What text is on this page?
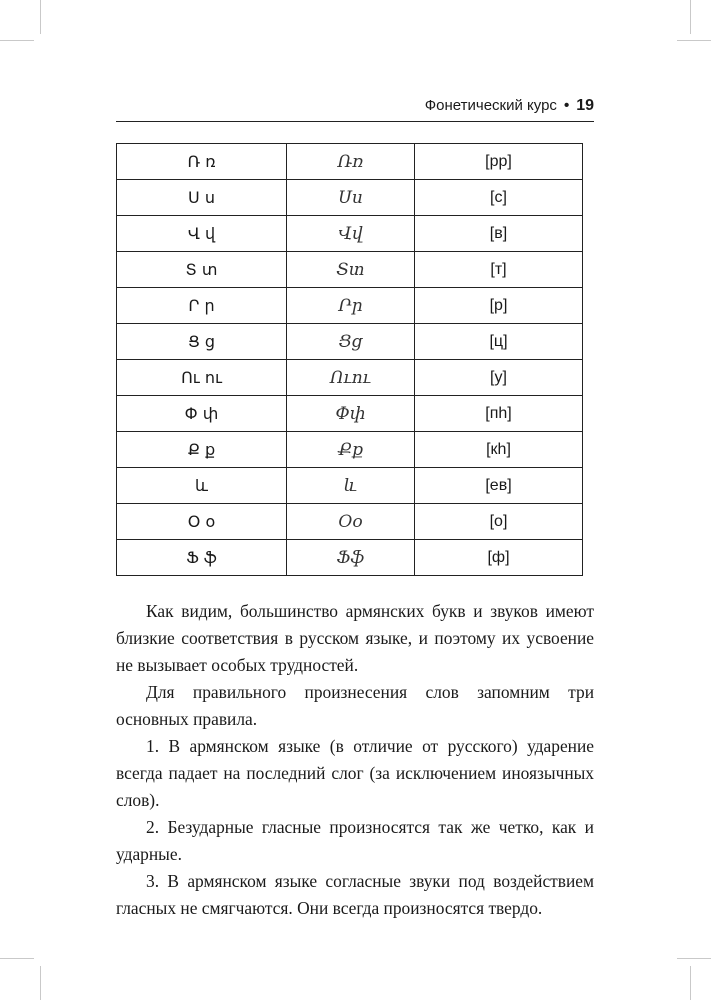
Фонетический курс • 19
Ռ ռ	Ռռ	[рр]
Ս ս	Սս	[с]
Վ վ	Վվ	[в]
Տ տ	Տտ	[т]
Ր ր	Րր	[р]
Ց ց	Ցց	[ц]
Ու ու	Ուու	[у]
Փ փ	Փփ	[пh]
Ք ք	Քք	[кh]
և	և	[ев]
Օ օ	Օօ	[о]
Ֆ ֆ	Ֆֆ	[ф]

Как видим, большинство армянских букв и звуков имеют близкие соответствия в русском языке, и поэтому их усвоение не вызывает особых трудностей.

Для правильного произнесения слов запомним три основных правила.

1. В армянском языке (в отличие от русского) ударение всегда падает на последний слог (за исключением иноязычных слов).

2. Безударные гласные произносятся так же четко, как и ударные.

3. В армянском языке согласные звуки под воздействием гласных не смягчаются. Они всегда произносятся твердо.
